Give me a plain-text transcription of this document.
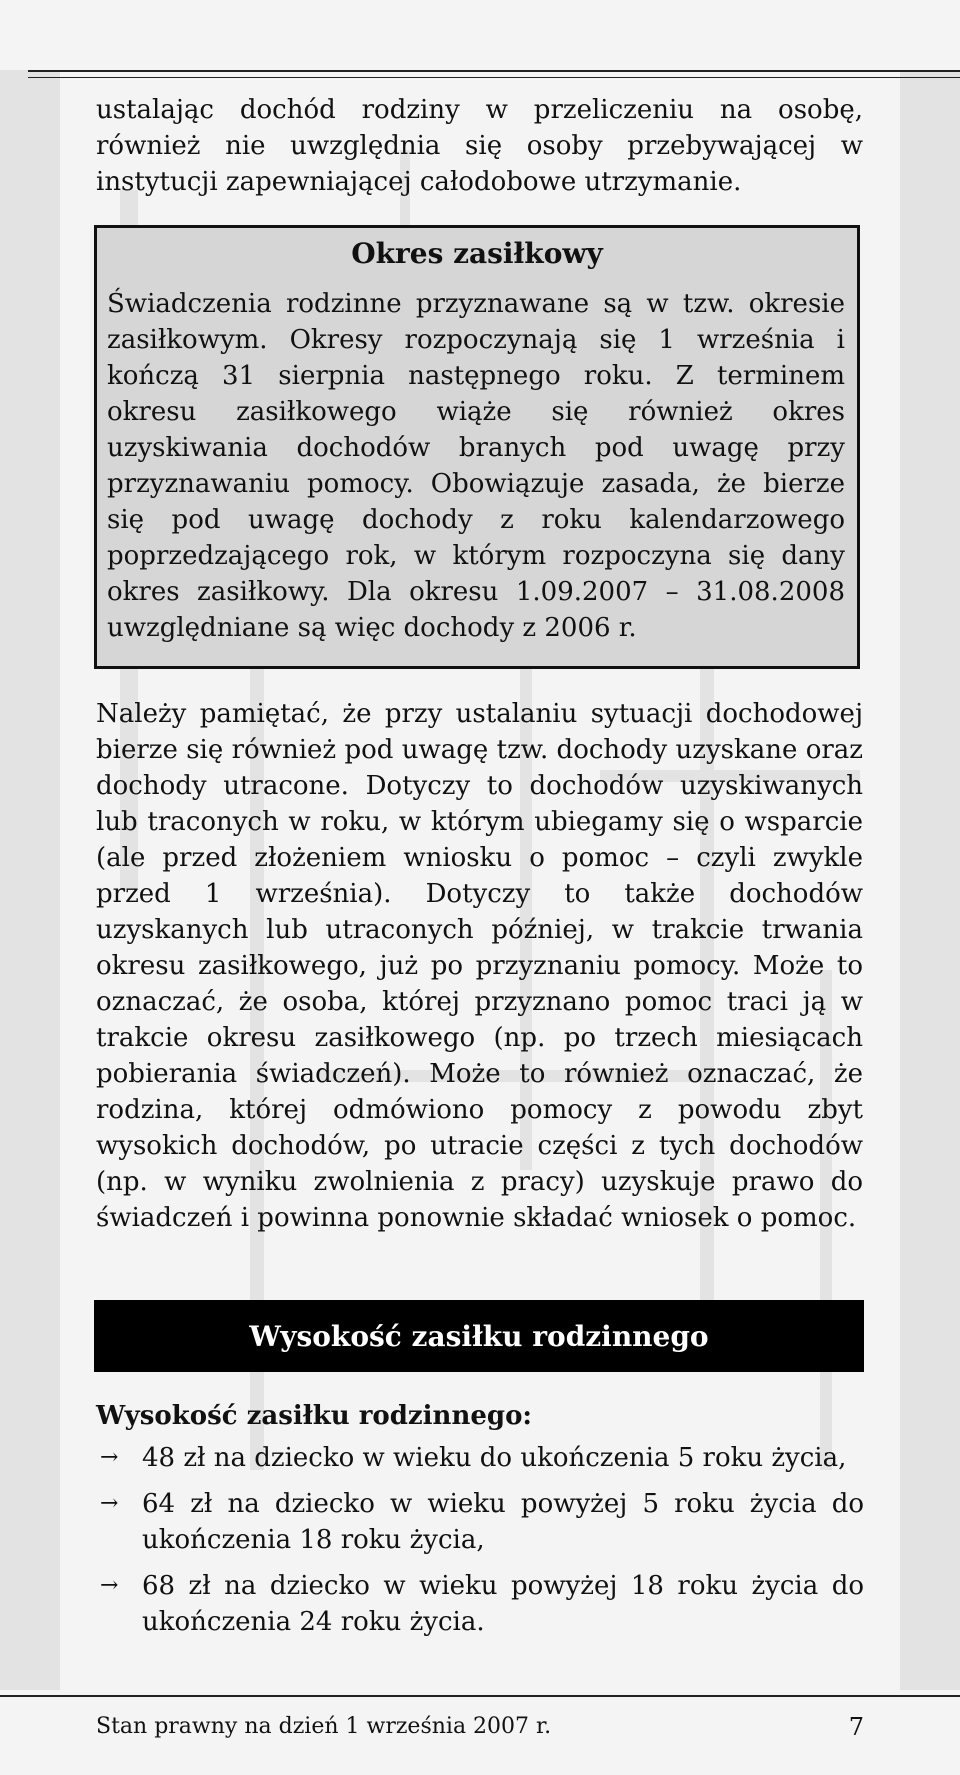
ustalając dochód rodziny w przeliczeniu na osobę, również nie uwzględnia się osoby przebywającej w instytucji zapewniającej całodobowe utrzymanie.

Okres zasiłkowy

Świadczenia rodzinne przyznawane są w tzw. okresie zasiłkowym. Okresy rozpoczynają się 1 września i kończą 31 sierpnia następnego roku. Z terminem okresu zasiłkowego wiąże się również okres uzyskiwania dochodów branych pod uwagę przy przyznawaniu pomocy. Obowiązuje zasada, że bierze się pod uwagę dochody z roku kalendarzowego poprzedzającego rok, w którym rozpoczyna się dany okres zasiłkowy. Dla okresu 1.09.2007 – 31.08.2008 uwzględniane są więc dochody z 2006 r.

Należy pamiętać, że przy ustalaniu sytuacji dochodowej bierze się również pod uwagę tzw. dochody uzyskane oraz dochody utracone. Dotyczy to dochodów uzyskiwanych lub traconych w roku, w którym ubiegamy się o wsparcie (ale przed złożeniem wniosku o pomoc – czyli zwykle przed 1 września). Dotyczy to także dochodów uzyskanych lub utraconych później, w trakcie trwania okresu zasiłkowego, już po przyznaniu pomocy. Może to oznaczać, że osoba, której przyznano pomoc traci ją w trakcie okresu zasiłkowego (np. po trzech miesiącach pobierania świadczeń). Może to również oznaczać, że rodzina, której odmówiono pomocy z powodu zbyt wysokich dochodów, po utracie części z tych dochodów (np. w wyniku zwolnienia z pracy) uzyskuje prawo do świadczeń i powinna ponownie składać wniosek o pomoc.

Wysokość zasiłku rodzinnego
Wysokość zasiłku rodzinnego:
→ 48 zł na dziecko w wieku do ukończenia 5 roku życia,
→ 64 zł na dziecko w wieku powyżej 5 roku życia do ukończenia 18 roku życia,
→ 68 zł na dziecko w wieku powyżej 18 roku życia do ukończenia 24 roku życia.

Stan prawny na dzień 1 września 2007 r.	7
